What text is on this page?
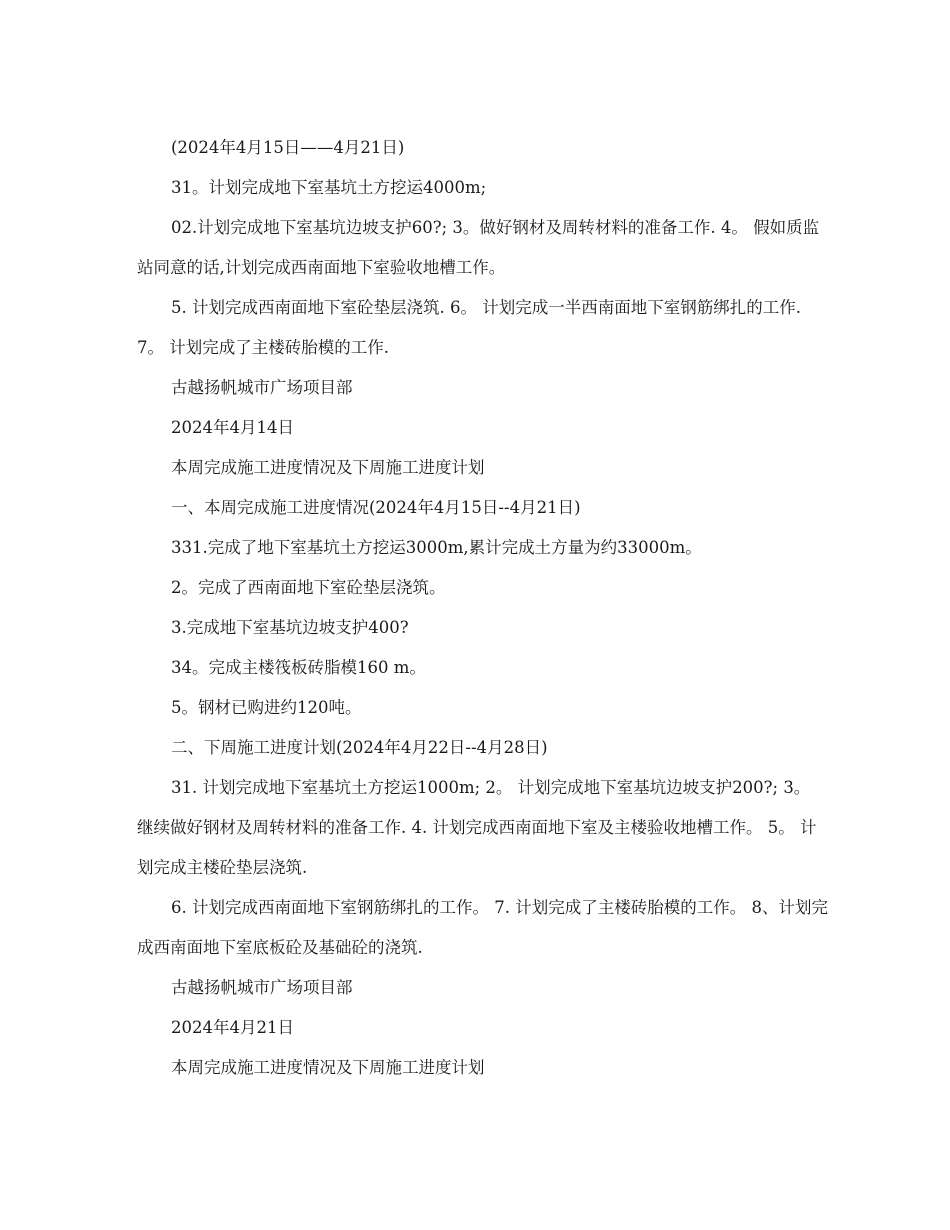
(2024年4月15日——4月21日)

31。计划完成地下室基坑土方挖运4000m;

02.计划完成地下室基坑边坡支护60?; 3。做好钢材及周转材料的准备工作. 4。 假如质监站同意的话,计划完成西南面地下室验收地槽工作。

5. 计划完成西南面地下室砼垫层浇筑. 6。 计划完成一半西南面地下室钢筋绑扎的工作. 7。 计划完成了主楼砖胎模的工作.

古越扬帆城市广场项目部

2024年4月14日

本周完成施工进度情况及下周施工进度计划

一、本周完成施工进度情况(2024年4月15日--4月21日)

331.完成了地下室基坑土方挖运3000m,累计完成土方量为约33000m。

2。完成了西南面地下室砼垫层浇筑。

3.完成地下室基坑边坡支护400?

34。完成主楼筏板砖脂模160 m。

5。钢材已购进约120吨。

二、下周施工进度计划(2024年4月22日--4月28日)

31. 计划完成地下室基坑土方挖运1000m; 2。 计划完成地下室基坑边坡支护200?; 3。 继续做好钢材及周转材料的准备工作. 4. 计划完成西南面地下室及主楼验收地槽工作。 5。 计划完成主楼砼垫层浇筑.

6. 计划完成西南面地下室钢筋绑扎的工作。 7. 计划完成了主楼砖胎模的工作。 8、计划完成西南面地下室底板砼及基础砼的浇筑.

古越扬帆城市广场项目部

2024年4月21日

本周完成施工进度情况及下周施工进度计划
